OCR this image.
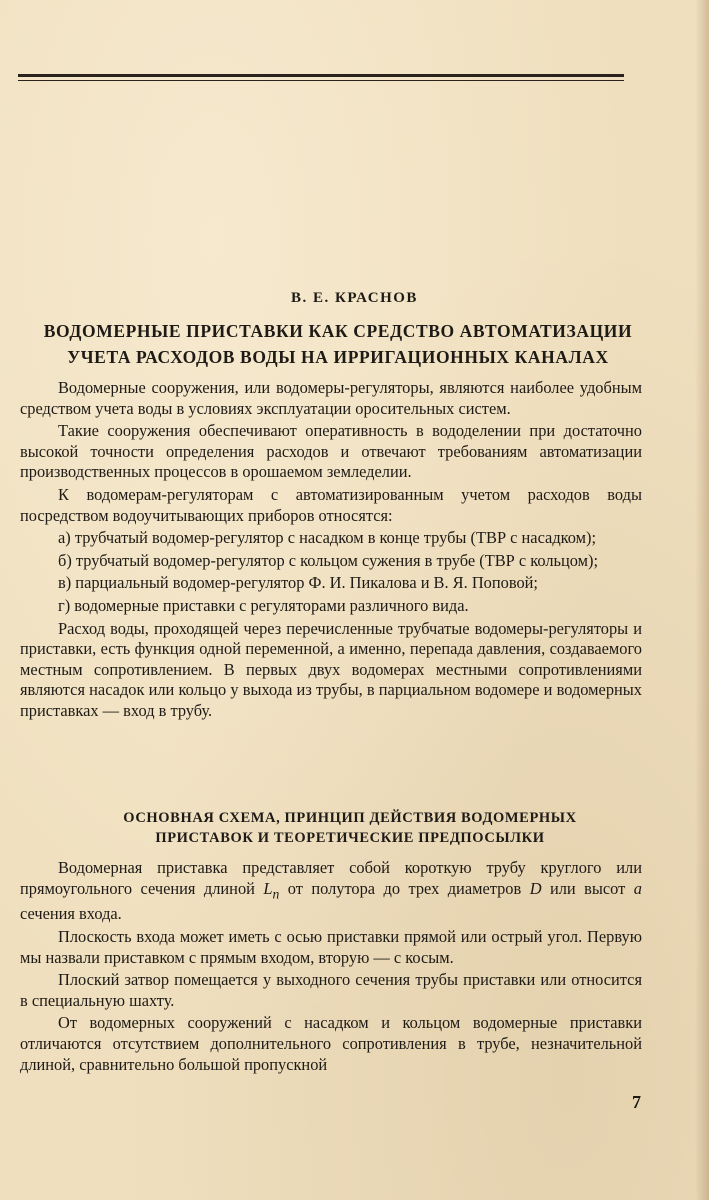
В. Е. КРАСНОВ
ВОДОМЕРНЫЕ ПРИСТАВКИ КАК СРЕДСТВО АВТОМАТИЗАЦИИ
УЧЕТА РАСХОДОВ ВОДЫ НА ИРРИГАЦИОННЫХ КАНАЛАХ

Водомерные сооружения, или водомеры-регуляторы, являются наиболее удобным средством учета воды в условиях эксплуатации оросительных систем.

Такие сооружения обеспечивают оперативность в вододелении при достаточно высокой точности определения расходов и отвечают требованиям автоматизации производственных процессов в орошаемом земледелии.

К водомерам-регуляторам с автоматизированным учетом расходов воды посредством водоучитывающих приборов относятся:

а) трубчатый водомер-регулятор с насадком в конце трубы (ТВР с насадком);

б) трубчатый водомер-регулятор с кольцом сужения в трубе (ТВР с кольцом);

в) парциальный водомер-регулятор Ф. И. Пикалова и В. Я. Поповой;

г) водомерные приставки с регуляторами различного вида.

Расход воды, проходящей через перечисленные трубчатые водомеры-регуляторы и приставки, есть функция одной переменной, а именно, перепада давления, создаваемого местным сопротивлением. В первых двух водомерах местными сопротивлениями являются насадок или кольцо у выхода из трубы, в парциальном водомере и водомерных приставках — вход в трубу.

ОСНОВНАЯ СХЕМА, ПРИНЦИП ДЕЙСТВИЯ ВОДОМЕРНЫХ
ПРИСТАВОК И ТЕОРЕТИЧЕСКИЕ ПРЕДПОСЫЛКИ

Водомерная приставка представляет собой короткую трубу круглого или прямоугольного сечения длиной $L_п$ от полутора до трех диаметров D или высот a сечения входа.

Плоскость входа может иметь с осью приставки прямой или острый угол. Первую мы назвали приставком с прямым входом, вторую — с косым.

Плоский затвор помещается у выходного сечения трубы приставки или относится в специальную шахту.

От водомерных сооружений с насадком и кольцом водомерные приставки отличаются отсутствием дополнительного сопротивления в трубе, незначительной длиной, сравнительно большой пропускной

7
